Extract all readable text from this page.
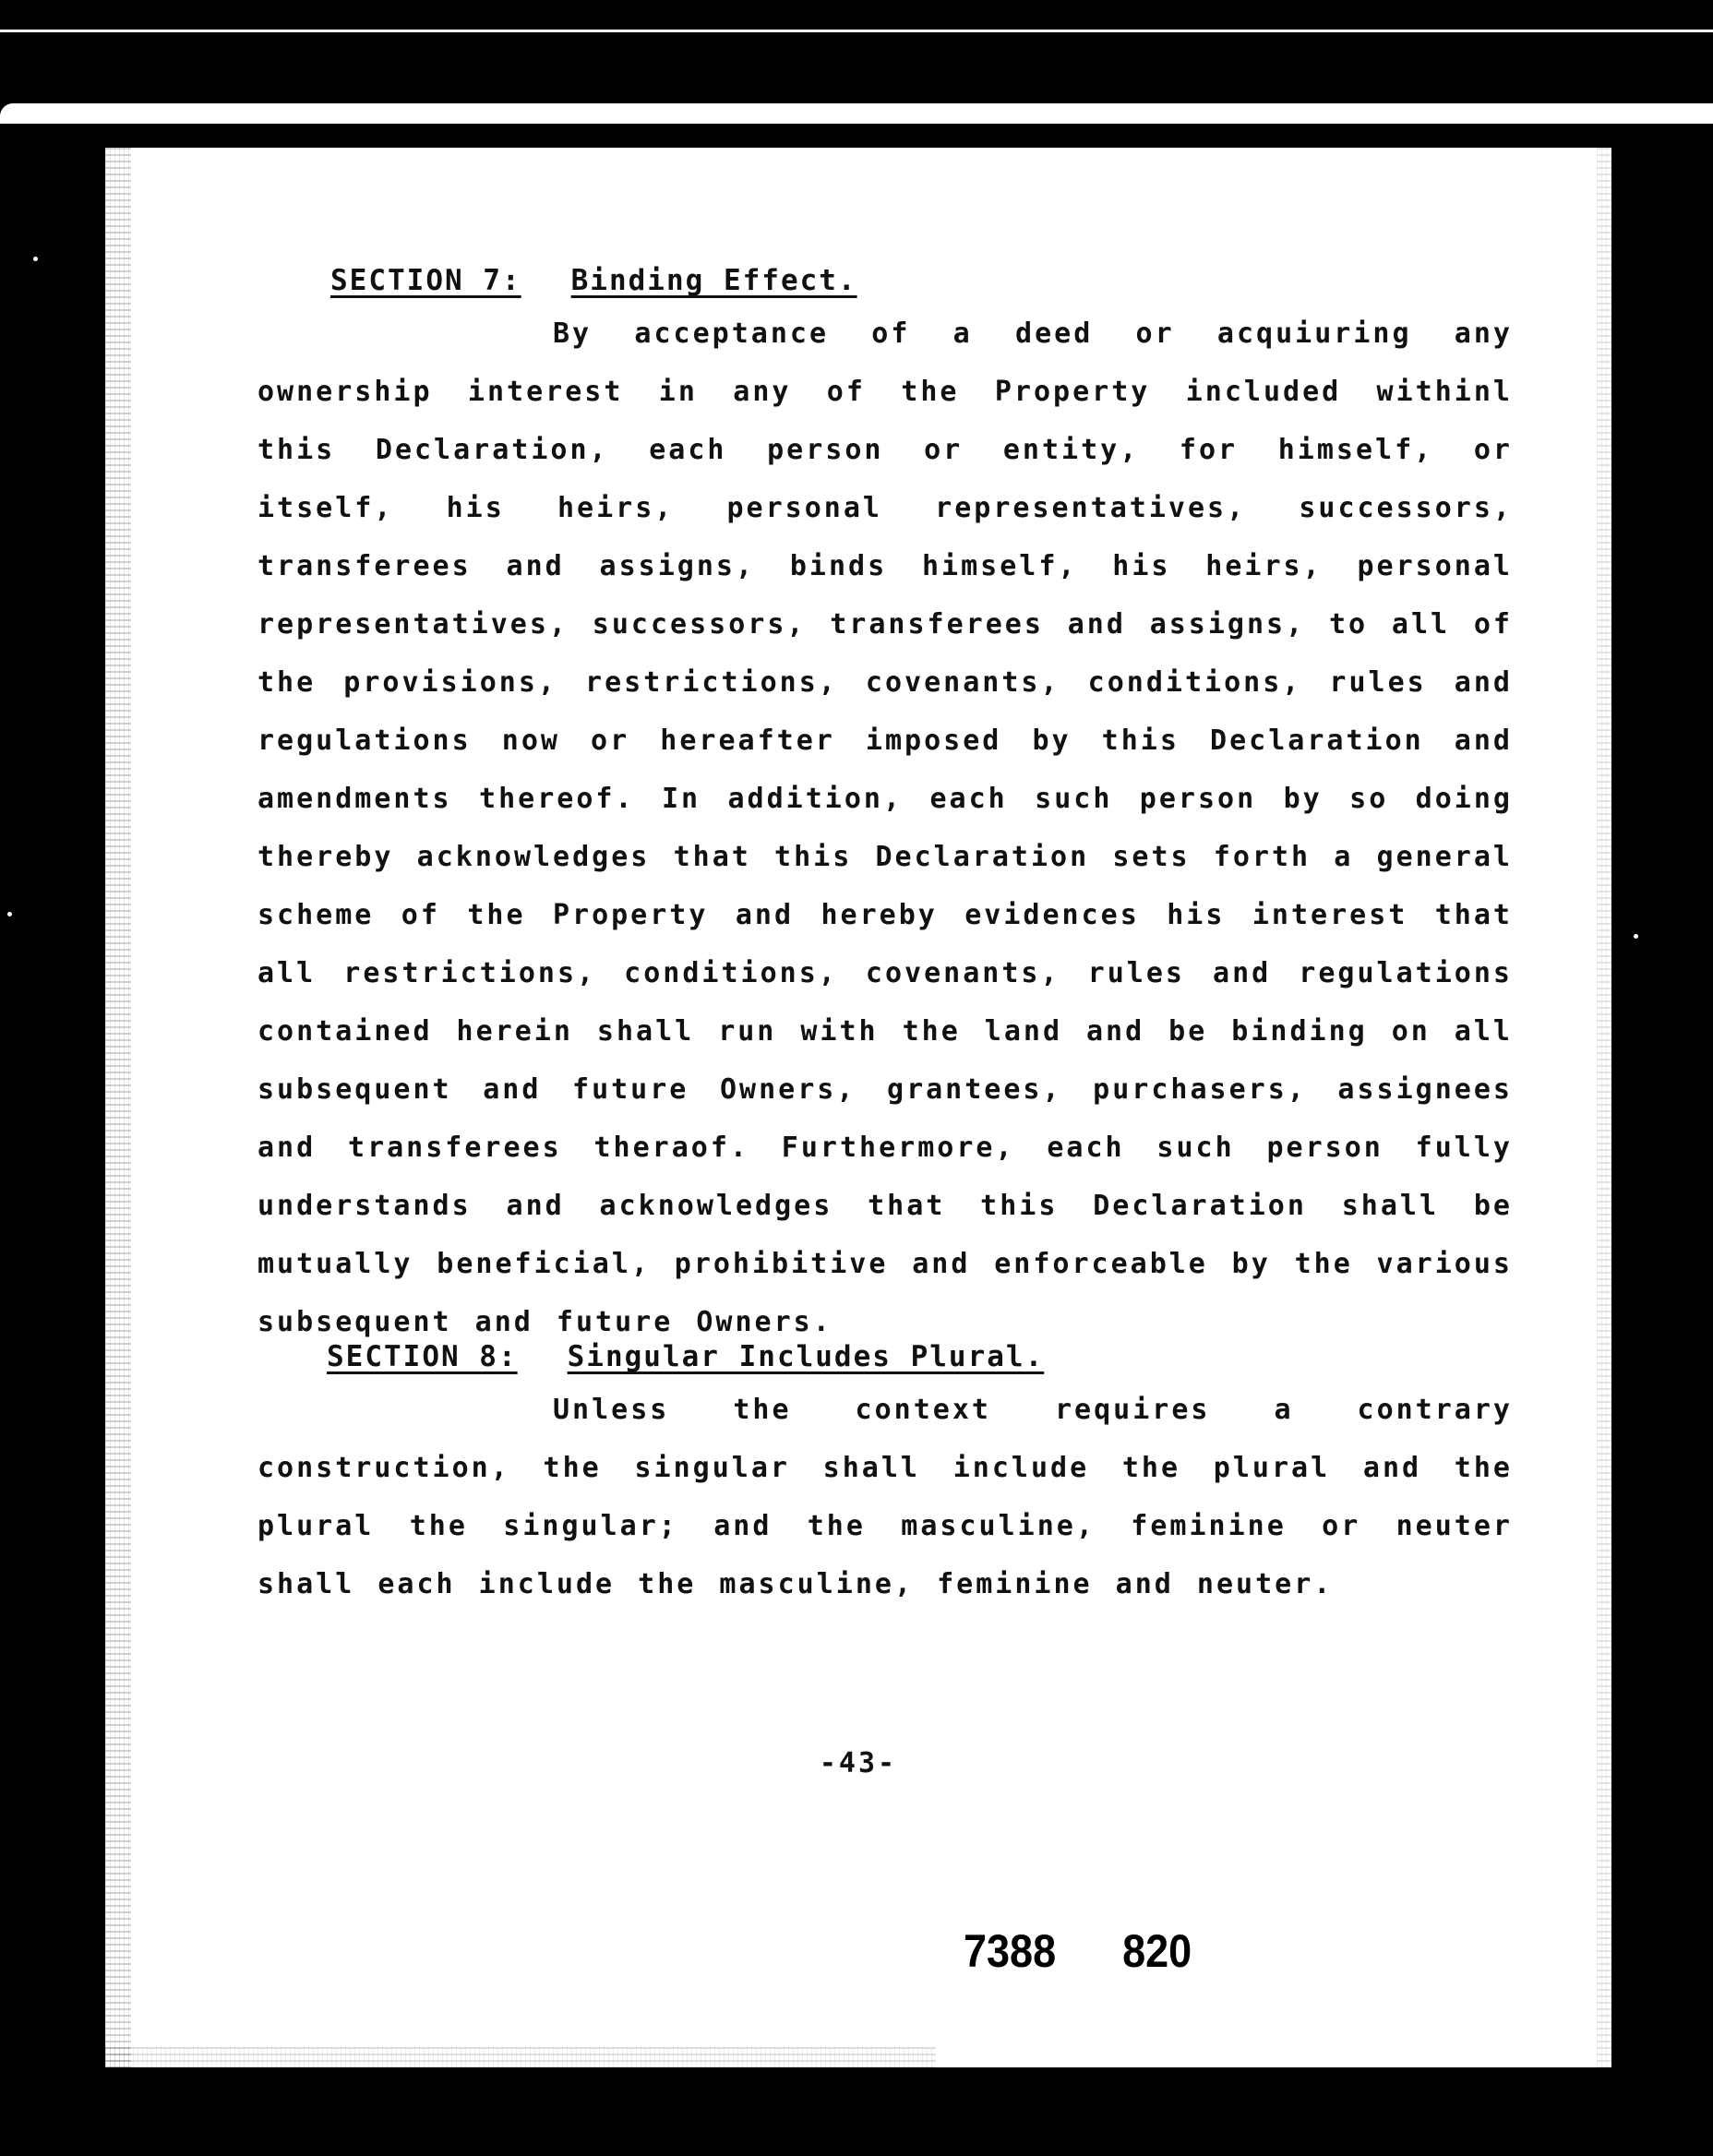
SECTION 7: Binding Effect.

By acceptance of a deed or acquiuring any ownership interest in any of the Property included withinl this Declaration, each person or entity, for himself, or itself, his heirs, personal representatives, successors, transferees and assigns, binds himself, his heirs, personal representatives, successors, transferees and assigns, to all of the provisions, restrictions, covenants, conditions, rules and regulations now or hereafter imposed by this Declaration and amendments thereof. In addition, each such person by so doing thereby acknowledges that this Declaration sets forth a general scheme of the Property and hereby evidences his interest that all restrictions, conditions, covenants, rules and regulations contained herein shall run with the land and be binding on all subsequent and future Owners, grantees, purchasers, assignees and transferees theraof. Furthermore, each such person fully understands and acknowledges that this Declaration shall be mutually beneficial, prohibitive and enforceable by the various subsequent and future Owners.

SECTION 8: Singular Includes Plural.

Unless the context requires a contrary construction, the singular shall include the plural and the plural the singular; and the masculine, feminine or neuter shall each include the masculine, feminine and neuter.

-43-
7388 820
